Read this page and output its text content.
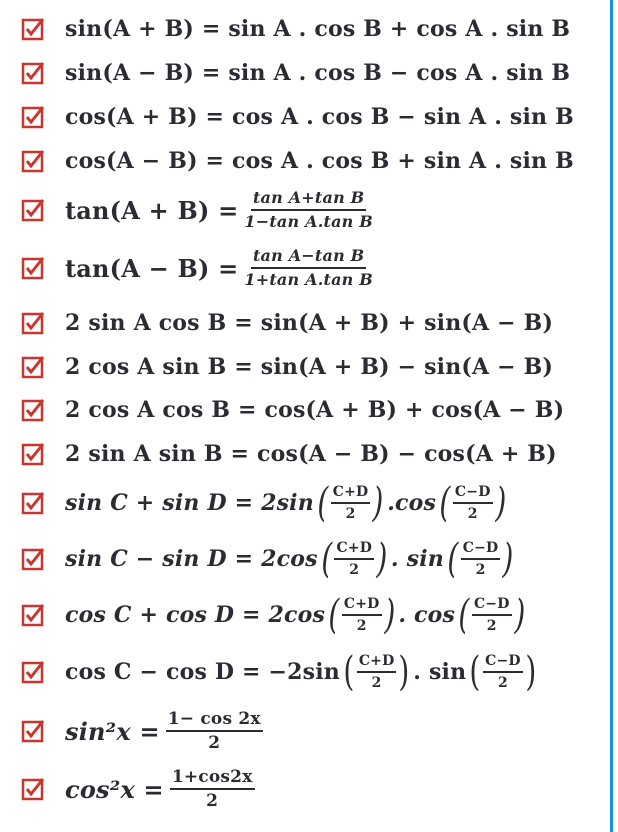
sin(A + B) = sin A . cos B + cos A . sin B
sin(A − B) = sin A . cos B − cos A . sin B
cos(A + B) = cos A . cos B − sin A . sin B
cos(A − B) = cos A . cos B + sin A . sin B
$\tan(A + B) = \frac{\text{tan A+tan B}}{\text{1−tan A.tan B}}$
$\tan(A - B) = \frac{\text{tan A−tan B}}{\text{1+tan A.tan B}}$
2 sin A cos B = sin(A + B) + sin(A − B)
2 cos A sin B = sin(A + B) − sin(A − B)
2 cos A cos B = cos(A + B) + cos(A − B)
2 sin A sin B = cos(A − B) − cos(A + B)
sin C + sin D = 2sin ( $\frac{C+D}{2}$ ) .cos ( $\frac{C-D}{2}$ )
sin C − sin D = 2cos ( $\frac{C+D}{2}$ ) . sin ( $\frac{C-D}{2}$ )
cos C + cos D = 2cos ( $\frac{C+D}{2}$ ) . cos ( $\frac{C-D}{2}$ )
cos C − cos D = −2sin ( $\frac{C+D}{2}$ ) . sin ( $\frac{C-D}{2}$ )
$\sin^2x = \frac{1- \cos 2x}{2}$
$\cos^2x = \frac{1+\cos 2x}{2}$
